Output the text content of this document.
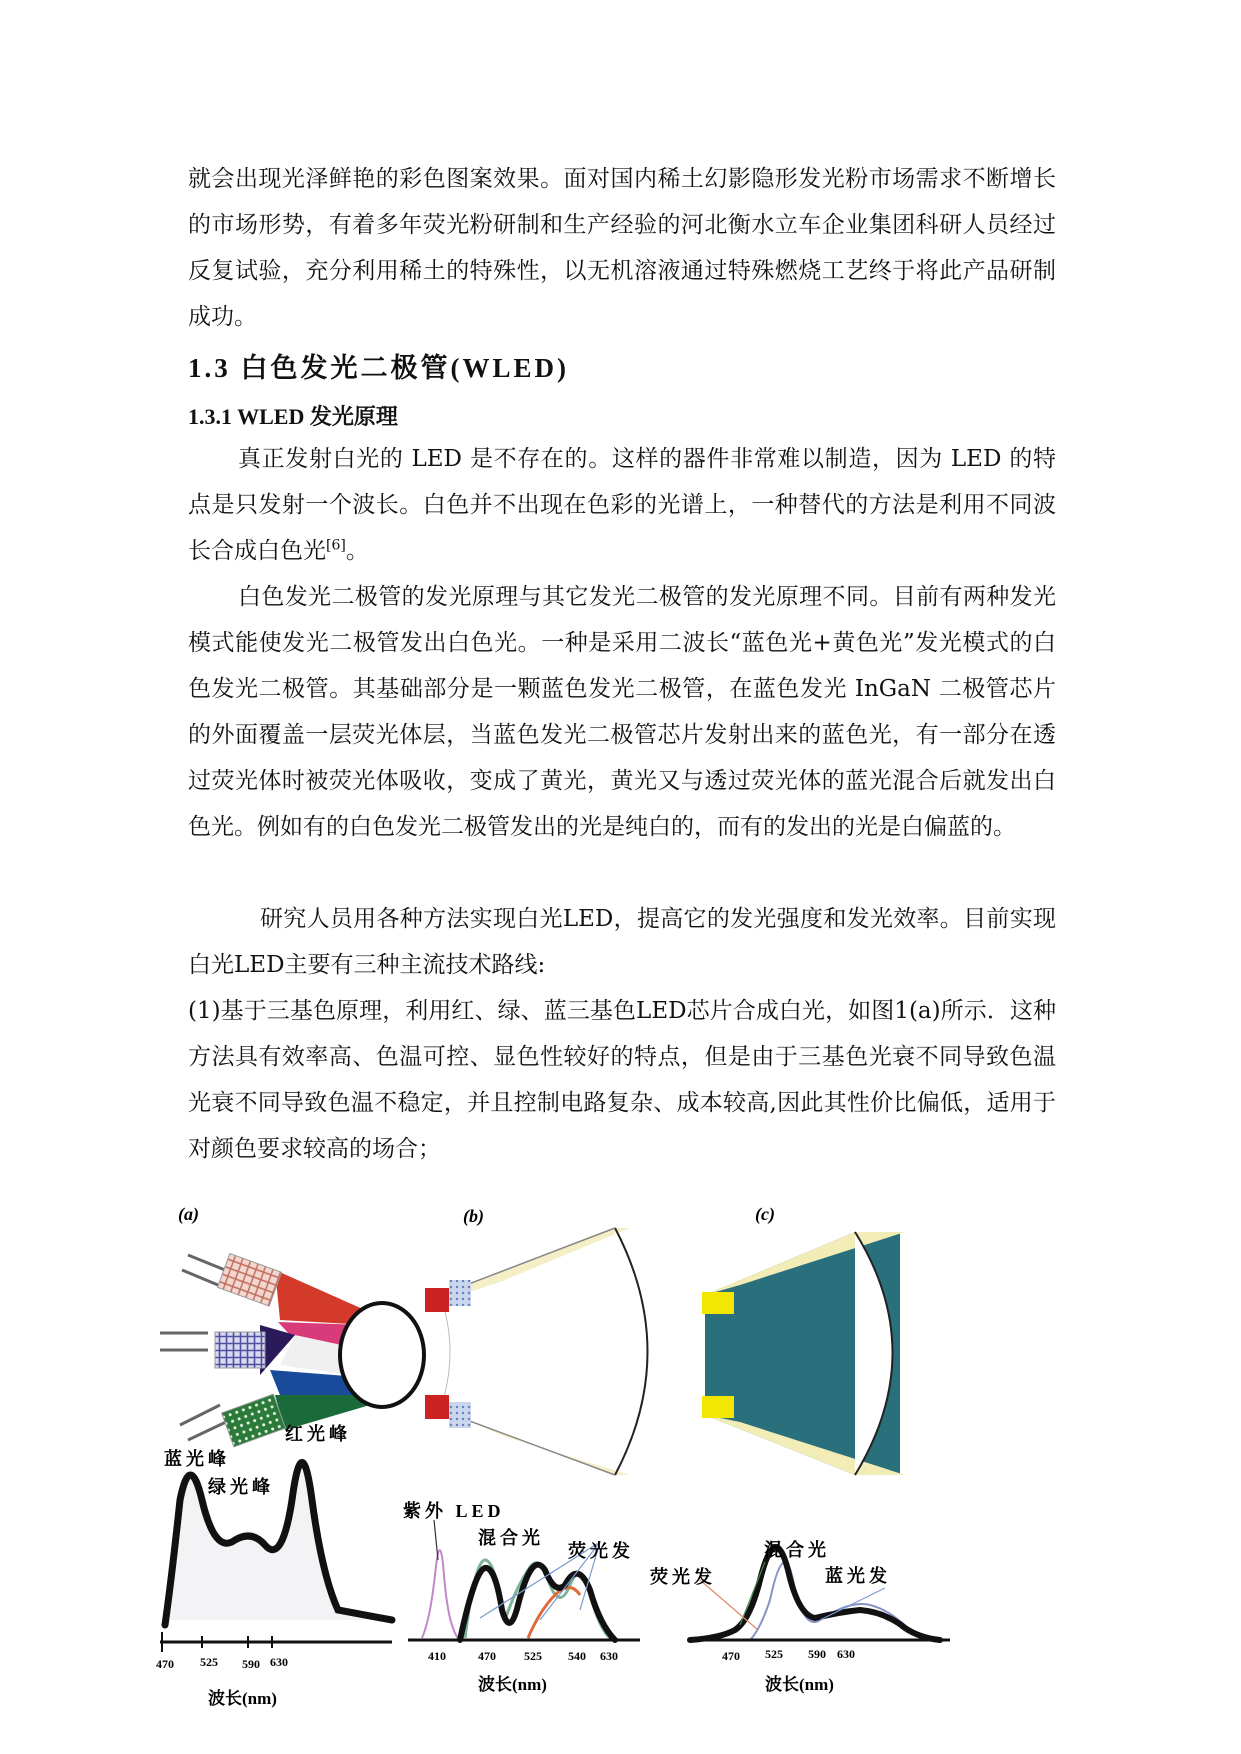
就会出现光泽鲜艳的彩色图案效果。面对国内稀土幻影隐形发光粉市场需求不断增长的市场形势，有着多年荧光粉研制和生产经验的河北衡水立车企业集团科研人员经过反复试验，充分利用稀土的特殊性，以无机溶液通过特殊燃烧工艺终于将此产品研制成功。

1.3 白色发光二极管(WLED)
1.3.1 WLED 发光原理

真正发射白光的 LED 是不存在的。这样的器件非常难以制造，因为 LED 的特点是只发射一个波长。白色并不出现在色彩的光谱上，一种替代的方法是利用不同波长合成白色光[6]。

白色发光二极管的发光原理与其它发光二极管的发光原理不同。目前有两种发光模式能使发光二极管发出白色光。一种是采用二波长“蓝色光+黄色光”发光模式的白色发光二极管。其基础部分是一颗蓝色发光二极管，在蓝色发光 InGaN 二极管芯片的外面覆盖一层荧光体层，当蓝色发光二极管芯片发射出来的蓝色光，有一部分在透过荧光体时被荧光体吸收，变成了黄光，黄光又与透过荧光体的蓝光混合后就发出白色光。例如有的白色发光二极管发出的光是纯白的，而有的发出的光是白偏蓝的。

研究人员用各种方法实现白光LED，提高它的发光强度和发光效率。目前实现白光LED主要有三种主流技术路线:

(1)基于三基色原理，利用红、绿、蓝三基色LED芯片合成白光，如图1(a)所示．这种方法具有效率高、色温可控、显色性较好的特点，但是由于三基色光衰不同导致色温光衰不同导致色温不稳定，并且控制电路复杂、成本较高,因此其性价比偏低，适用于对颜色要求较高的场合；

(a)	(b)	(c)
蓝光峰
红光峰
绿光峰
470 525 590 630
波长(nm)
紫外 LED
混合光
荧光发
410	470 525 540 630
波长(nm)
混合光
荧光发	蓝光发
470 525 590 630
波长(nm)
